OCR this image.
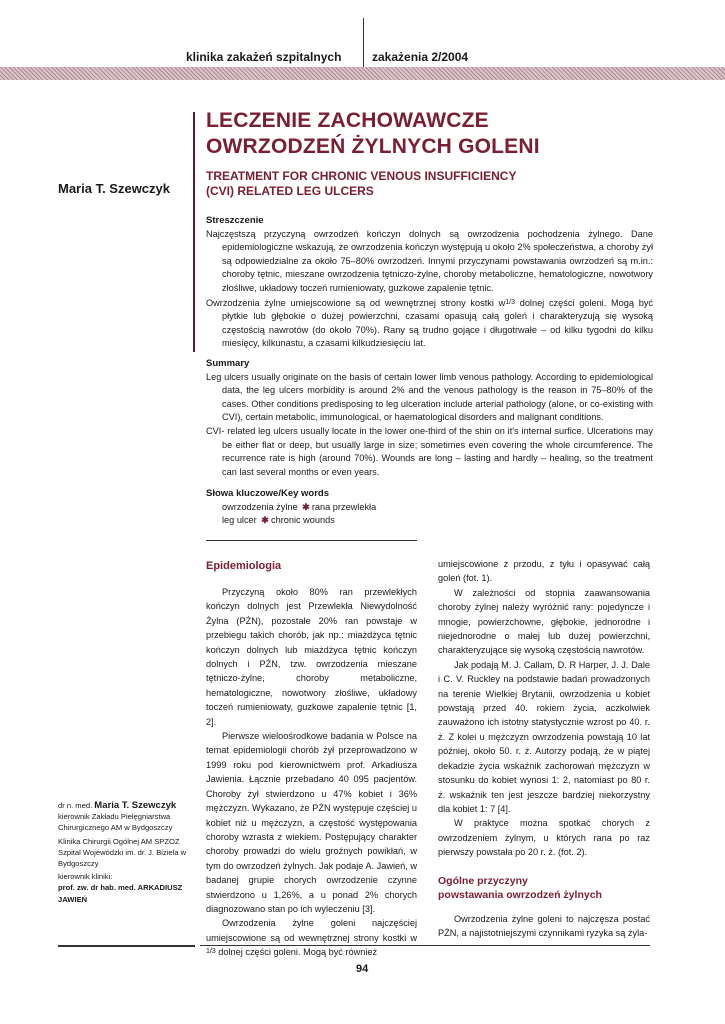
klinika zakażeń szpitalnych	zakażenia 2/2004
LECZENIE ZACHOWAWCZE
OWRZODZEŃ ŻYLNYCH GOLENI
TREATMENT FOR CHRONIC VENOUS INSUFFICIENCY
(CVI) RELATED LEG ULCERS
Maria T. Szewczyk
Streszczenie

Najczęstszą przyczyną owrzodzeń kończyn dolnych są owrzodzenia pochodzenia żylnego. Dane epidemiologiczne wskazują, że owrzodzenia kończyn występują u około 2% społeczeństwa, a choroby żył są odpowiedzialne za około 75–80% owrzodzeń. Innymi przyczynami powstawania owrzodzeń są m.in.: choroby tętnic, mieszane owrzodzenia tętniczo-żylne, choroby metaboliczne, hematologiczne, nowotwory złośliwe, układowy toczeń rumieniowaty, guzkowe zapalenie tętnic.

Owrzodzenia żylne umiejscowione są od wewnętrznej strony kostki $w^{1/3}$ dolnej części goleni. Mogą być płytkie lub głębokie o dużej powierzchni, czasami opasują całą goleń i charakteryzują się wysoką częstością nawrotów (do około 70%). Rany są trudno gojące i długotrwałe – od kilku tygodni do kilku miesięcy, kilkunastu, a czasami kilkudziesięciu lat.

Summary

Leg ulcers usually originate on the basis of certain lower limb venous pathology. According to epidemiological data, the leg ulcers morbidity is around 2% and the venous pathology is the reason in 75–80% of the cases. Other conditions predisposing to leg ulceration include arterial pathology (alone, or co-existing with CVI), certain metabolic, immunological, or haematological disorders and malignant conditions.

CVI- related leg ulcers usually locate in the lower one-third of the shin on it's internal surfice. Ulcerations may be either flat or deep, but usually large in size; sometimes even covering the whole circumference. The recurrence rate is high (around 70%). Wounds are long – lasting and hardly – healing, so the treatment can last several months or even years.

Słowa kluczowe/Key words
owrzodzenia żylne ✱ rana przewlekła
leg ulcer ✱ chronic wounds
Epidemiologia

Przyczyną około 80% ran przewlekłych kończyn dolnych jest Przewlekła Niewydolność Żylna (PŻN), pozostałe 20% ran powstaje w przebiegu takich chorób, jak np.: miażdżyca tętnic kończyn dolnych lub miażdżyca tętnic kończyn dolnych i PŻN, tzw. owrzodzenia mieszane tętniczo-żylne, choroby metaboliczne, hematologiczne, nowotwory złośliwe, układowy toczeń rumieniowaty, guzkowe zapalenie tętnic [1, 2].

Pierwsze wieloośrodkowe badania w Polsce na temat epidemiologii chorób żył przeprowadzono w 1999 roku pod kierownictwem prof. Arkadiusza Jawienia. Łącznie przebadano 40 095 pacjentów. Choroby żył stwierdzono u 47% kobiet i 36% mężczyzn. Wykazano, że PŻN występuje częściej u kobiet niż u mężczyzn, a częstość występowania choroby wzrasta z wiekiem. Postępujący charakter choroby prowadzi do wielu groźnych powikłań, w tym do owrzodzeń żylnych. Jak podaje A. Jawień, w badanej grupie chorych owrzodzenie czynne stwierdzono u 1,26%, a u ponad 2% chorych diagnozowano stan po ich wyleczeniu [3].

Owrzodzenia żylne goleni najczęściej umiejscowione są od wewnętrznej strony kostki w $^{1/3}$ dolnej części goleni. Mogą być również

umiejscowione z przodu, z tyłu i opasywać całą goleń (fot. 1).

W zależności od stopnia zaawansowania choroby żylnej należy wyróżnić rany: pojedyncze i mnogie, powierzchowne, głębokie, jednorodne i niejednorodne o małej lub dużej powierzchni, charakteryzujące się wysoką częstością nawrotów.

Jak podają M. J. Callam, D. R Harper, J. J. Dale i C. V. Ruckley na podstawie badań prowadzonych na terenie Wielkiej Brytanii, owrzodzenia u kobiet powstają przed 40. rokiem życia, aczkolwiek zauważono ich istotny statystycznie wzrost po 40. r. ż. Z kolei u mężczyzn owrzodzenia powstają 10 lat później, około 50. r. ż. Autorzy podają, że w piątej dekadzie życia wskaźnik zachorowań mężczyzn w stosunku do kobiet wynosi 1: 2, natomiast po 80 r. ż. wskaźnik ten jest jeszcze bardziej niekorzystny dla kobiet 1: 7 [4].

W praktyce można spotkać chorych z owrzodzeniem żylnym, u których rana po raz pierwszy powstała po 20 r. ż. (fot. 2).

Ogólne przyczyny
powstawania owrzodzeń żylnych

Owrzodzenia żylne goleni to najczęsza postać PŻN, a najistotniejszymi czynnikami ryzyka są żyla-

dr n. med. Maria T. Szewczyk
kierownik Zakładu Pielęgniarstwa Chirurgicznego AM w Bydgoszczy
Klinika Chirurgii Ogólnej AM SPZOZ Szpital Wojewódzki im. dr. J. Biziela w Bydgoszczy
kierownik kliniki:
prof. zw. dr hab. med. ARKADIUSZ JAWIEŃ
94
